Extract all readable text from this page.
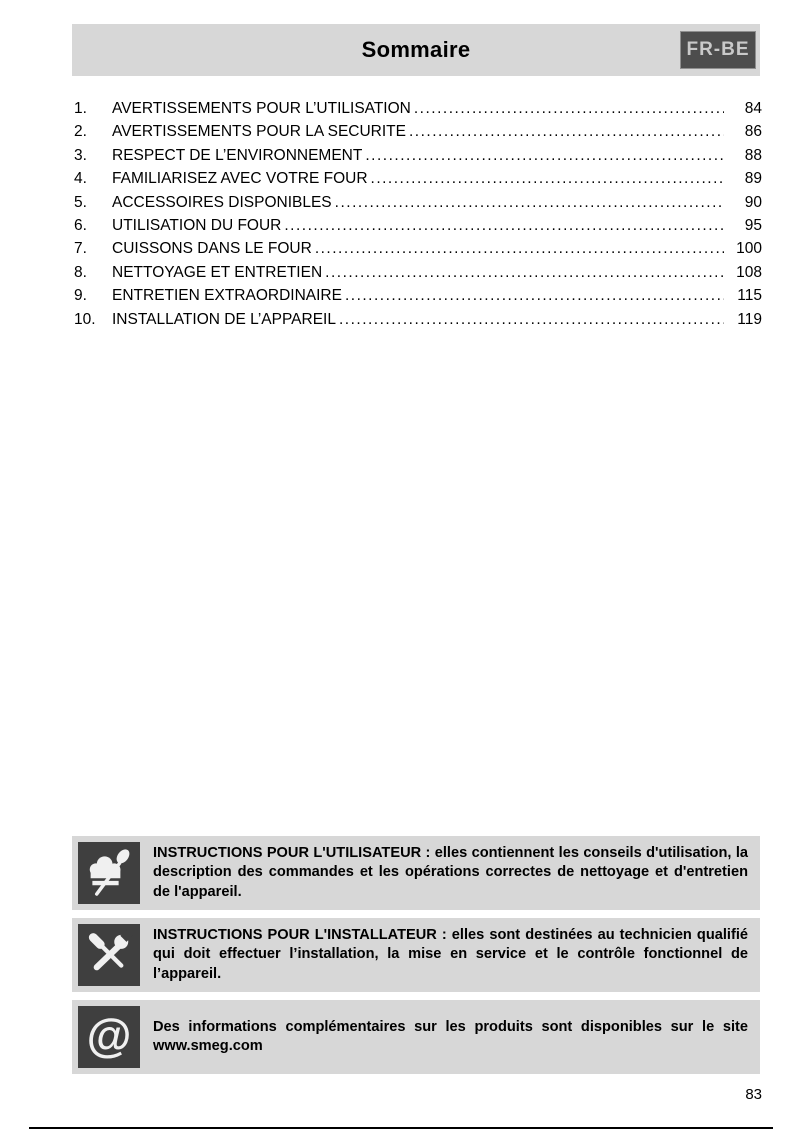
Sommaire	FR-BE
1.	AVERTISSEMENTS POUR L’UTILISATION .....	84
2.	AVERTISSEMENTS POUR LA SECURITE .....	86
3.	RESPECT DE L’ENVIRONNEMENT .....	88
4.	FAMILIARISEZ AVEC VOTRE FOUR .....	89
5.	ACCESSOIRES DISPONIBLES .....	90
6.	UTILISATION DU FOUR .....	95
7.	CUISSONS DANS LE FOUR .....	100
8.	NETTOYAGE ET ENTRETIEN .....	108
9.	ENTRETIEN EXTRAORDINAIRE .....	115
10.	INSTALLATION DE L’APPAREIL .....	119
INSTRUCTIONS POUR L'UTILISATEUR : elles contiennent les conseils d'utilisation, la description des commandes et les opérations correctes de nettoyage et d'entretien de l'appareil.
INSTRUCTIONS POUR L'INSTALLATEUR : elles sont destinées au technicien qualifié qui doit effectuer l’installation, la mise en service et le contrôle fonctionnel de l’appareil.
@ Des informations complémentaires sur les produits sont disponibles sur le site www.smeg.com
83
